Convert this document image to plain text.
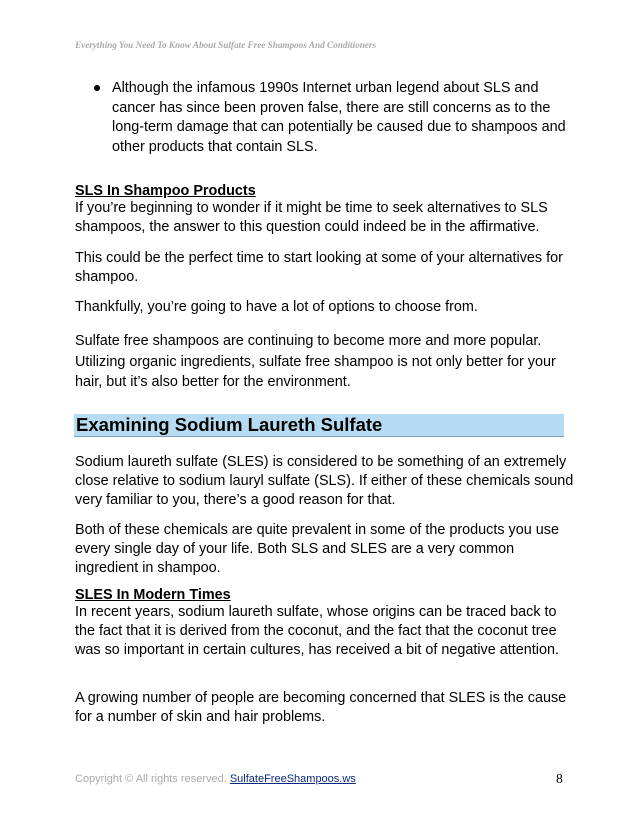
Everything You Need To Know About Sulfate Free Shampoos And Conditioners
Although the infamous 1990s Internet urban legend about SLS and cancer has since been proven false, there are still concerns as to the long-term damage that can potentially be caused due to shampoos and other products that contain SLS.
SLS In Shampoo Products
If you’re beginning to wonder if it might be time to seek alternatives to SLS shampoos, the answer to this question could indeed be in the affirmative.
This could be the perfect time to start looking at some of your alternatives for shampoo.
Thankfully, you’re going to have a lot of options to choose from.
Sulfate free shampoos are continuing to become more and more popular. Utilizing organic ingredients, sulfate free shampoo is not only better for your hair, but it’s also better for the environment.
Examining Sodium Laureth Sulfate
Sodium laureth sulfate (SLES) is considered to be something of an extremely close relative to sodium lauryl sulfate (SLS). If either of these chemicals sound very familiar to you, there’s a good reason for that.
Both of these chemicals are quite prevalent in some of the products you use every single day of your life. Both SLS and SLES are a very common ingredient in shampoo.
SLES In Modern Times
In recent years, sodium laureth sulfate, whose origins can be traced back to the fact that it is derived from the coconut, and the fact that the coconut tree was so important in certain cultures, has received a bit of negative attention.
A growing number of people are becoming concerned that SLES is the cause for a number of skin and hair problems.
Copyright © All rights reserved. SulfateFreeShampoos.ws	8
